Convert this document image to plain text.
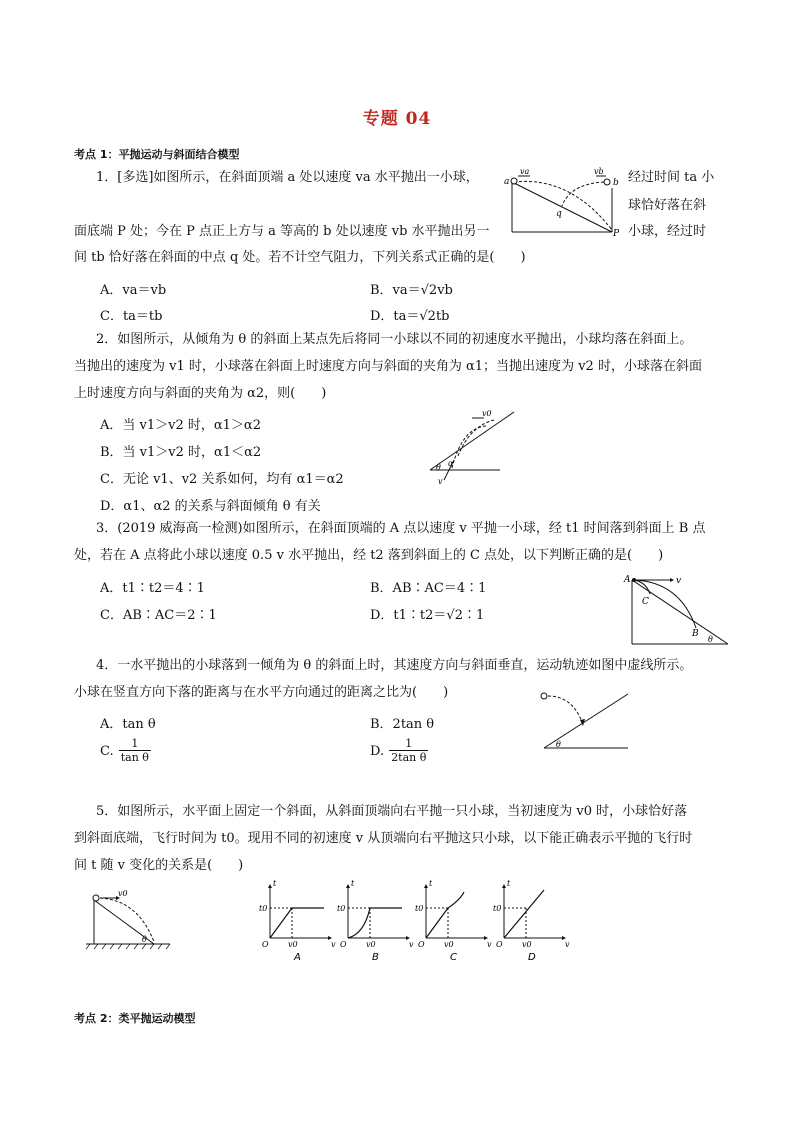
专题 04
考点 1：平抛运动与斜面结合模型
1．[多选]如图所示，在斜面顶端 a 处以速度 va 水平抛出一小球，	经过时间 ta 小
球恰好落在斜
面底端 P 处；今在 P 点正上方与 a 等高的 b 处以速度 vb 水平抛出另一	小球，经过时
间 tb 恰好落在斜面的中点 q 处。若不计空气阻力，下列关系式正确的是(　　)
A．va＝vb	B．va＝√2vb
C．ta＝tb	D．ta＝√2tb
a	b
q
P
va	vb
2．如图所示，从倾角为 θ 的斜面上某点先后将同一小球以不同的初速度水平抛出，小球均落在斜面上。
当抛出的速度为 v1 时，小球落在斜面上时速度方向与斜面的夹角为 α1；当抛出速度为 v2 时，小球落在斜面
上时速度方向与斜面的夹角为 α2，则(　　)
A．当 v1＞v2 时，α1＞α2
B．当 v1＞v2 时，α1＜α2
C．无论 v1、v2 关系如何，均有 α1＝α2
D．α1、α2 的关系与斜面倾角 θ 有关
v0
α
θ
v
3．(2019 威海高一检测)如图所示，在斜面顶端的 A 点以速度 v 平抛一小球，经 t1 时间落到斜面上 B 点
处，若在 A 点将此小球以速度 0.5 v 水平抛出，经 t2 落到斜面上的 C 点处，以下判断正确的是(　　)
A．t1∶t2＝4∶1	B．AB∶AC＝4∶1
C．AB∶AC＝2∶1	D．t1∶t2＝√2∶1
A	v
C
B
θ
4．一水平抛出的小球落到一倾角为 θ 的斜面上时，其速度方向与斜面垂直，运动轨迹如图中虚线所示。
小球在竖直方向下落的距离与在水平方向通过的距离之比为(　　)
A．tan θ	B．2tan θ
C. $\frac{1}{\text{tan θ}}$	D. $\frac{1}{\text{2tan θ}}$	θ
5．如图所示，水平面上固定一个斜面，从斜面顶端向右平抛一只小球，当初速度为 v0 时，小球恰好落
到斜面底端，飞行时间为 t0。现用不同的初速度 v 从顶端向右平抛这只小球，以下能正确表示平抛的飞行时
间 t 随 v 变化的关系是(　　)
v0
θ
t
t0
O v0	v
A
t
t0
O v0	v
B
t
t0
O v0	v
C
t
t0
O v0	v
D
考点 2：类平抛运动模型
